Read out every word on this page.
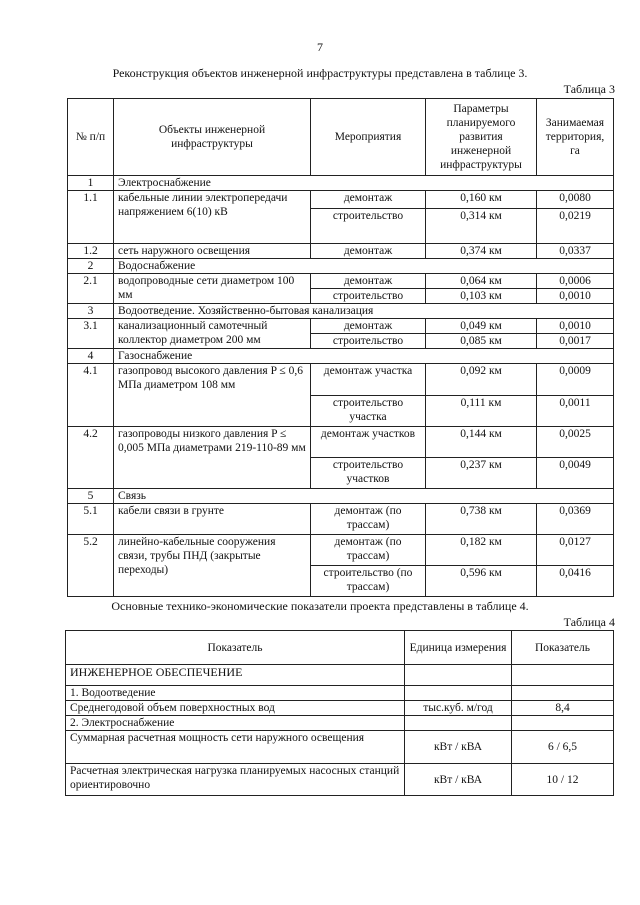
7
Реконструкция объектов инженерной инфраструктуры представлена в таблице 3.
Таблица 3
№ п/п	Объекты инженерной инфраструктуры	Мероприятия	Параметры планируемого развития инженерной инфраструктуры	Занимаемая территория, га
1	Электроснабжение			
1.1	кабельные линии электропередачи напряжением 6(10) кВ	демонтаж	0,160 км	0,0080
		строительство	0,314 км	0,0219
1.2	сеть наружного освещения	демонтаж	0,374 км	0,0337
2	Водоснабжение			
2.1	водопроводные сети диаметром 100 мм	демонтаж	0,064 км	0,0006
		строительство	0,103 км	0,0010
3	Водоотведение. Хозяйственно-бытовая канализация			
3.1	канализационный самотечный коллектор диаметром 200 мм	демонтаж	0,049 км	0,0010
		строительство	0,085 км	0,0017
4	Газоснабжение			
4.1	газопровод высокого давления P ≤ 0,6 МПа диаметром 108 мм	демонтаж участка	0,092 км	0,0009
		строительство участка	0,111 км	0,0011
4.2	газопроводы низкого давления P ≤ 0,005 МПа диаметрами 219-110-89 мм	демонтаж участков	0,144 км	0,0025
		строительство участков	0,237 км	0,0049
5	Связь			
5.1	кабели связи в грунте	демонтаж (по трассам)	0,738 км	0,0369
5.2	линейно-кабельные сооружения связи, трубы ПНД (закрытые переходы)	демонтаж (по трассам)	0,182 км	0,0127
		строительство (по трассам)	0,596 км	0,0416
Основные технико-экономические показатели проекта представлены в таблице 4.
Таблица 4
Показатель	Единица измерения	Показатель
ИНЖЕНЕРНОЕ ОБЕСПЕЧЕНИЕ		
1. Водоотведение		
Среднегодовой объем поверхностных вод	тыс.куб. м/год	8,4
2. Электроснабжение		
Суммарная расчетная мощность сети наружного освещения	кВт / кВА	6 / 6,5
Расчетная электрическая нагрузка планируемых насосных станций ориентировочно	кВт / кВА	10 / 12
